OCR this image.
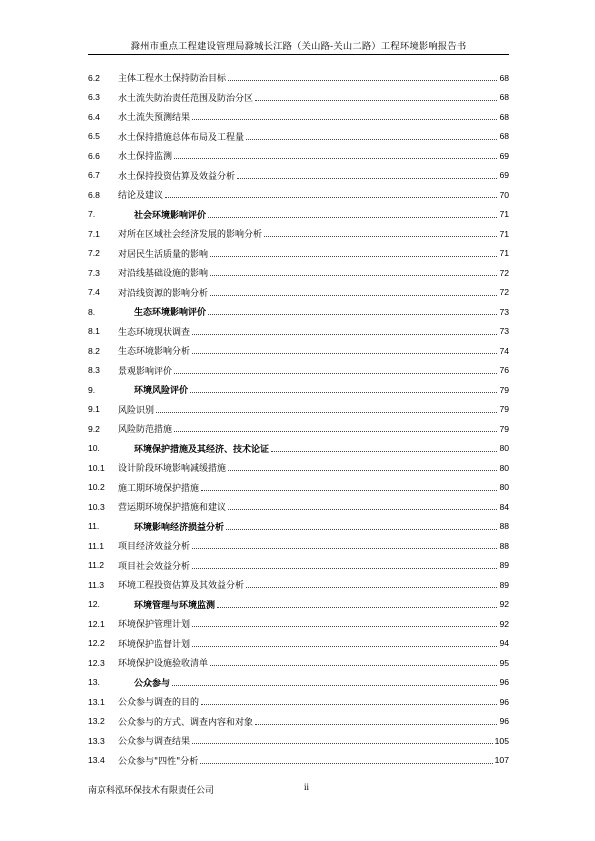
滁州市重点工程建设管理局滁城长江路（关山路-关山二路）工程环境影响报告书
6.2	主体工程水土保持防治目标	68
6.3	水土流失防治责任范围及防治分区	68
6.4	水土流失预测结果	68
6.5	水土保持措施总体布局及工程量	68
6.6	水土保持监测	69
6.7	水土保持投资估算及效益分析	69
6.8	结论及建议	70
7.	社会环境影响评价	71
7.1	对所在区域社会经济发展的影响分析	71
7.2	对居民生活质量的影响	71
7.3	对沿线基础设施的影响	72
7.4	对沿线资源的影响分析	72
8.	生态环境影响评价	73
8.1	生态环境现状调查	73
8.2	生态环境影响分析	74
8.3	景观影响评价	76
9.	环境风险评价	79
9.1	风险识别	79
9.2	风险防范措施	79
10.	环境保护措施及其经济、技术论证	80
10.1	设计阶段环境影响减缓措施	80
10.2	施工期环境保护措施	80
10.3	营运期环境保护措施和建议	84
11.	环境影响经济损益分析	88
11.1	项目经济效益分析	88
11.2	项目社会效益分析	89
11.3	环境工程投资估算及其效益分析	89
12.	环境管理与环境监测	92
12.1	环境保护管理计划	92
12.2	环境保护监督计划	94
12.3	环境保护设施验收清单	95
13.	公众参与	96
13.1	公众参与调查的目的	96
13.2	公众参与的方式、调查内容和对象	96
13.3	公众参与调查结果	105
13.4	公众参与"四性"分析	107
南京科泓环保技术有限责任公司	ii
